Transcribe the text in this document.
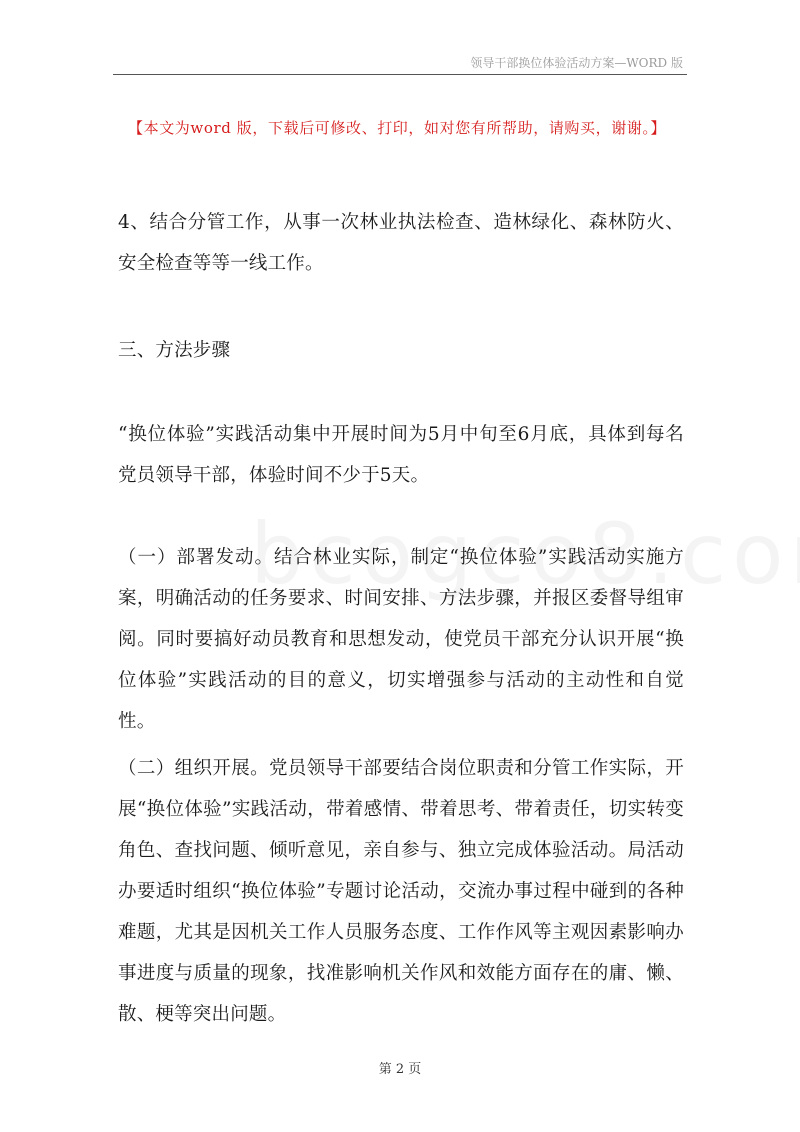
领导干部换位体验活动方案—WORD 版
【本文为word 版，下载后可修改、打印，如对您有所帮助，请购买，谢谢。】
4、结合分管工作，从事一次林业执法检查、造林绿化、森林防火、安全检查等等一线工作。
三、方法步骤
“换位体验”实践活动集中开展时间为5月中旬至6月底，具体到每名党员领导干部，体验时间不少于5天。
（一）部署发动。结合林业实际，制定“换位体验”实践活动实施方案，明确活动的任务要求、时间安排、方法步骤，并报区委督导组审阅。同时要搞好动员教育和思想发动，使党员干部充分认识开展“换位体验”实践活动的目的意义，切实增强参与活动的主动性和自觉性。
（二）组织开展。党员领导干部要结合岗位职责和分管工作实际，开展“换位体验”实践活动，带着感情、带着思考、带着责任，切实转变角色、查找问题、倾听意见，亲自参与、独立完成体验活动。局活动办要适时组织“换位体验”专题讨论活动，交流办事过程中碰到的各种难题，尤其是因机关工作人员服务态度、工作作风等主观因素影响办事进度与质量的现象，找准影响机关作风和效能方面存在的庸、懒、散、梗等突出问题。
第 2 页
